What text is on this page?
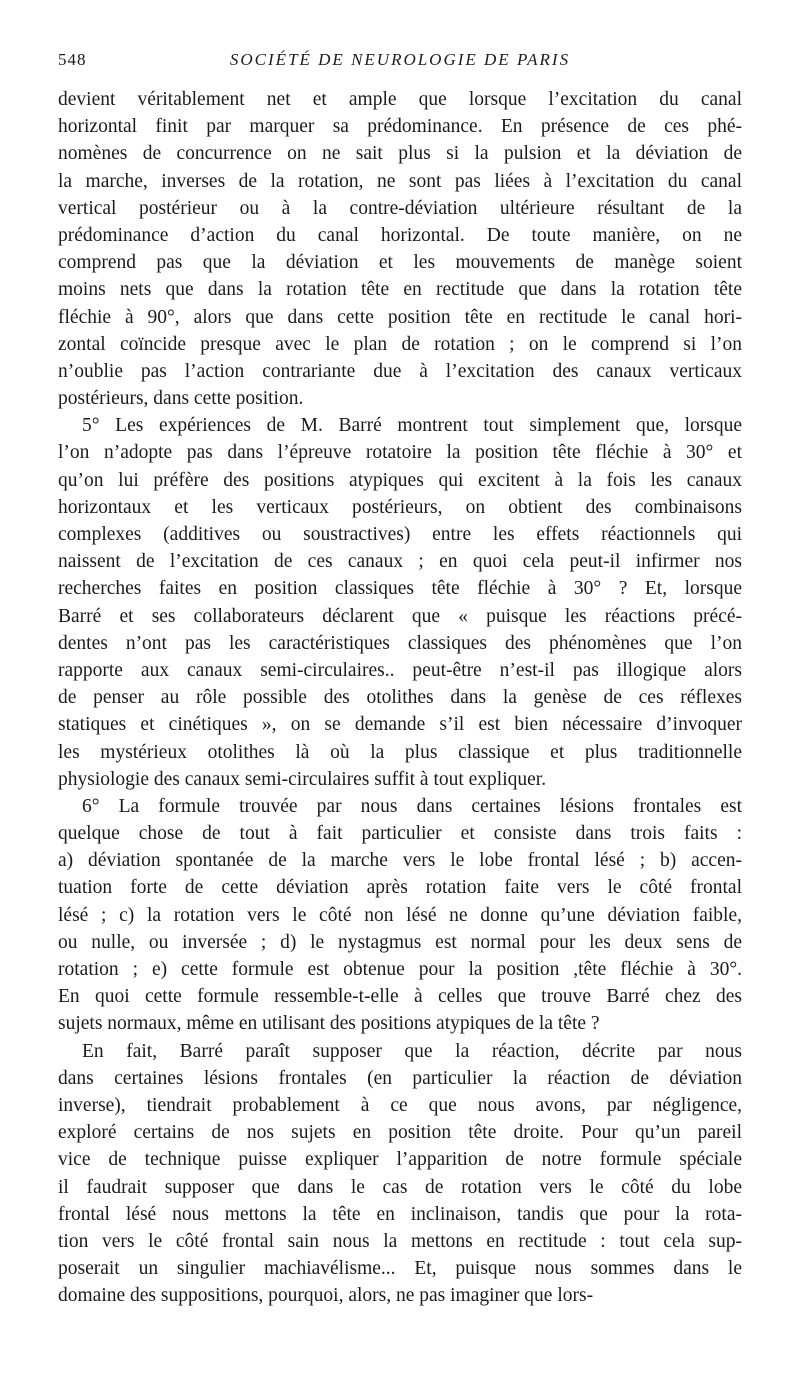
548	SOCIÉTÉ DE NEUROLOGIE DE PARIS
devient véritablement net et ample que lorsque l’excitation du canal
horizontal finit par marquer sa prédominance. En présence de ces phé-
nomènes de concurrence on ne sait plus si la pulsion et la déviation de
la marche, inverses de la rotation, ne sont pas liées à l’excitation du canal
vertical postérieur ou à la contre-déviation ultérieure résultant de la
prédominance d’action du canal horizontal. De toute manière, on ne
comprend pas que la déviation et les mouvements de manège soient
moins nets que dans la rotation tête en rectitude que dans la rotation tête
fléchie à 90°, alors que dans cette position tête en rectitude le canal hori-
zontal coïncide presque avec le plan de rotation ; on le comprend si l’on
n’oublie pas l’action contrariante due à l’excitation des canaux verticaux
postérieurs, dans cette position.
5° Les expériences de M. Barré montrent tout simplement que, lorsque
l’on n’adopte pas dans l’épreuve rotatoire la position tête fléchie à 30° et
qu’on lui préfère des positions atypiques qui excitent à la fois les canaux
horizontaux et les verticaux postérieurs, on obtient des combinaisons
complexes (additives ou soustractives) entre les effets réactionnels qui
naissent de l’excitation de ces canaux ; en quoi cela peut-il infirmer nos
recherches faites en position classiques tête fléchie à 30° ? Et, lorsque
Barré et ses collaborateurs déclarent que « puisque les réactions précé-
dentes n’ont pas les caractéristiques classiques des phénomènes que l’on
rapporte aux canaux semi-circulaires.. peut-être n’est-il pas illogique alors
de penser au rôle possible des otolithes dans la genèse de ces réflexes
statiques et cinétiques », on se demande s’il est bien nécessaire d’invoquer
les mystérieux otolithes là où la plus classique et plus traditionnelle
physiologie des canaux semi-circulaires suffit à tout expliquer.
6° La formule trouvée par nous dans certaines lésions frontales est
quelque chose de tout à fait particulier et consiste dans trois faits :
a) déviation spontanée de la marche vers le lobe frontal lésé ; b) accen-
tuation forte de cette déviation après rotation faite vers le côté frontal
lésé ; c) la rotation vers le côté non lésé ne donne qu’une déviation faible,
ou nulle, ou inversée ; d) le nystagmus est normal pour les deux sens de
rotation ; e) cette formule est obtenue pour la position ,tête fléchie à 30°.
En quoi cette formule ressemble-t-elle à celles que trouve Barré chez des
sujets normaux, même en utilisant des positions atypiques de la tête ?
En fait, Barré paraît supposer que la réaction, décrite par nous
dans certaines lésions frontales (en particulier la réaction de déviation
inverse), tiendrait probablement à ce que nous avons, par négligence,
exploré certains de nos sujets en position tête droite. Pour qu’un pareil
vice de technique puisse expliquer l’apparition de notre formule spéciale
il faudrait supposer que dans le cas de rotation vers le côté du lobe
frontal lésé nous mettons la tête en inclinaison, tandis que pour la rota-
tion vers le côté frontal sain nous la mettons en rectitude : tout cela sup-
poserait un singulier machiavélisme... Et, puisque nous sommes dans le
domaine des suppositions, pourquoi, alors, ne pas imaginer que lors-
